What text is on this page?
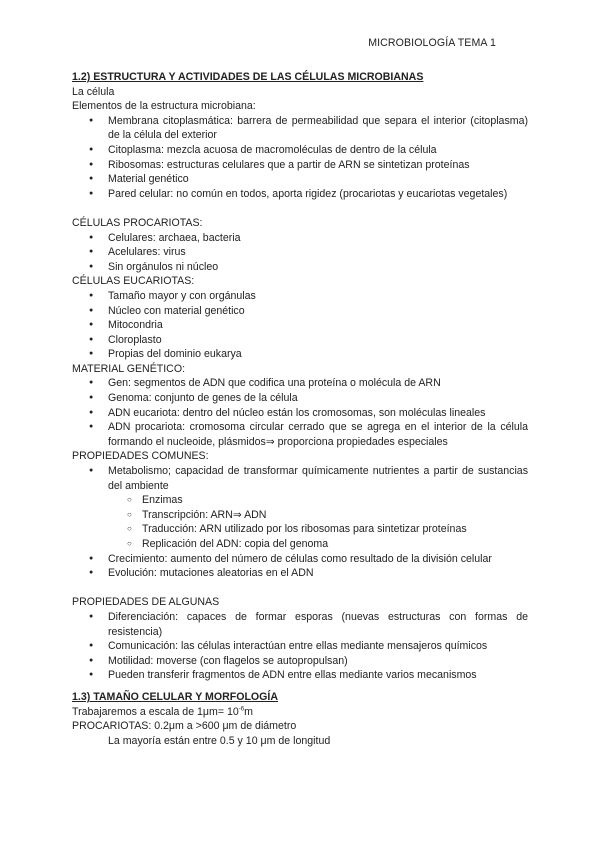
MICROBIOLOGÍA TEMA 1

1.2) ESTRUCTURA Y ACTIVIDADES DE LAS CÉLULAS MICROBIANAS

La célula

Elementos de la estructura microbiana:

● Membrana citoplasmática: barrera de permeabilidad que separa el interior (citoplasma) de la célula del exterior
● Citoplasma: mezcla acuosa de macromoléculas de dentro de la célula
● Ribosomas: estructuras celulares que a partir de ARN se sintetizan proteínas
● Material genético
● Pared celular: no común en todos, aporta rigidez (procariotas y eucariotas vegetales)

CÉLULAS PROCARIOTAS:

● Celulares: archaea, bacteria
● Acelulares: virus
● Sin orgánulos ni núcleo

CÉLULAS EUCARIOTAS:

● Tamaño mayor y con orgánulas
● Núcleo con material genético
● Mitocondria
● Cloroplasto
● Propias del dominio eukarya

MATERIAL GENÉTICO:

● Gen: segmentos de ADN que codifica una proteína o molécula de ARN
● Genoma: conjunto de genes de la célula
● ADN eucariota: dentro del núcleo están los cromosomas, son moléculas lineales
● ADN procariota: cromosoma circular cerrado que se agrega en el interior de la célula formando el nucleoide, plásmidos⇒ proporciona propiedades especiales

PROPIEDADES COMUNES:

● Metabolismo; capacidad de transformar químicamente nutrientes a partir de sustancias del ambiente
○ Enzimas
○ Transcripción: ARN⇒ ADN
○ Traducción: ARN utilizado por los ribosomas para sintetizar proteínas
○ Replicación del ADN: copia del genoma
● Crecimiento: aumento del número de células como resultado de la división celular
● Evolución: mutaciones aleatorias en el ADN

PROPIEDADES DE ALGUNAS

● Diferenciación: capaces de formar esporas (nuevas estructuras con formas de resistencia)
● Comunicación: las células interactúan entre ellas mediante mensajeros químicos
● Motilidad: moverse (con flagelos se autopropulsan)
● Pueden transferir fragmentos de ADN entre ellas mediante varios mecanismos

1.3) TAMAÑO CELULAR Y MORFOLOGÍA

Trabajaremos a escala de $1\mu m= 10^{-6}m$

PROCARIOTAS: 0.2μm a >600 μm de diámetro

La mayoría están entre 0.5 y 10 μm de longitud
